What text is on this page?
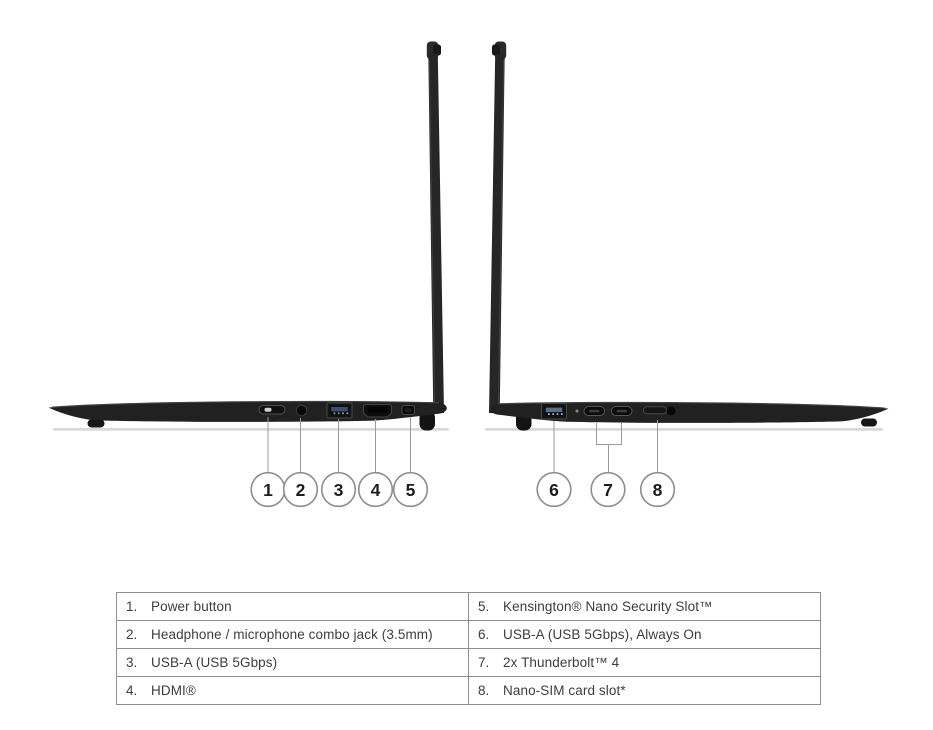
1 2 3 4 5	6	7 8
1. Power button	5. Kensington® Nano Security Slot™
2. Headphone / microphone combo jack (3.5mm)	6. USB-A (USB 5Gbps), Always On
3. USB-A (USB 5Gbps)	7. 2x Thunderbolt™ 4
4. HDMI®	8. Nano-SIM card slot*
